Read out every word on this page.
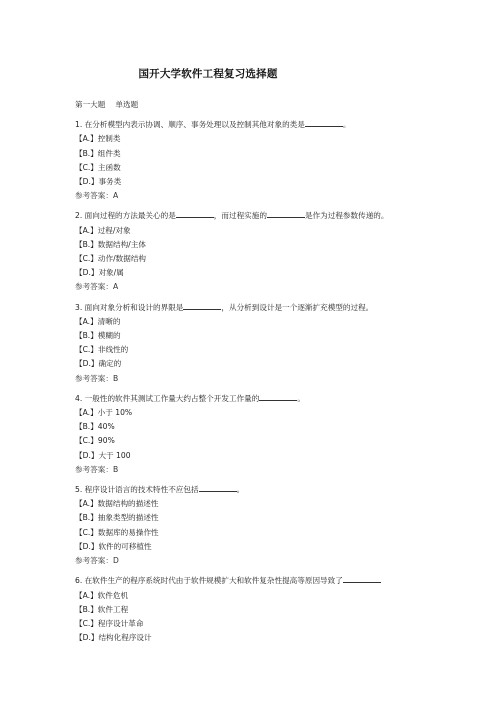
国开大学软件工程复习选择题
第一大题　 单选题
1. 在分析模型内表示协调、顺序、事务处理以及控制其他对象的类是	。
【A.】控制类
【B.】组件类
【C.】主函数
【D.】事务类
参考答案：A
2. 面向过程的方法最关心的是	，而过程实施的	是作为过程参数传递的。
【A.】过程/对象
【B.】数据结构/主体
【C.】动作/数据结构
【D.】对象/属
参考答案：A
3. 面向对象分析和设计的界限是	，从分析到设计是一个逐渐扩充模型的过程。
【A.】清晰的
【B.】模糊的
【C.】非线性的
【D.】确定的
参考答案：B
4. 一般性的软件其测试工作量大约占整个开发工作量的	。
【A.】小于 10%
【B.】40%
【C.】90%
【D.】大于 100
参考答案：B
5. 程序设计语言的技术特性不应包括	。
【A.】数据结构的描述性
【B.】抽象类型的描述性
【C.】数据库的易操作性
【D.】软件的可移植性
参考答案：D
6. 在软件生产的程序系统时代由于软件规模扩大和软件复杂性提高等原因导致了
【A.】软件危机
【B.】软件工程
【C.】程序设计革命
【D.】结构化程序设计
